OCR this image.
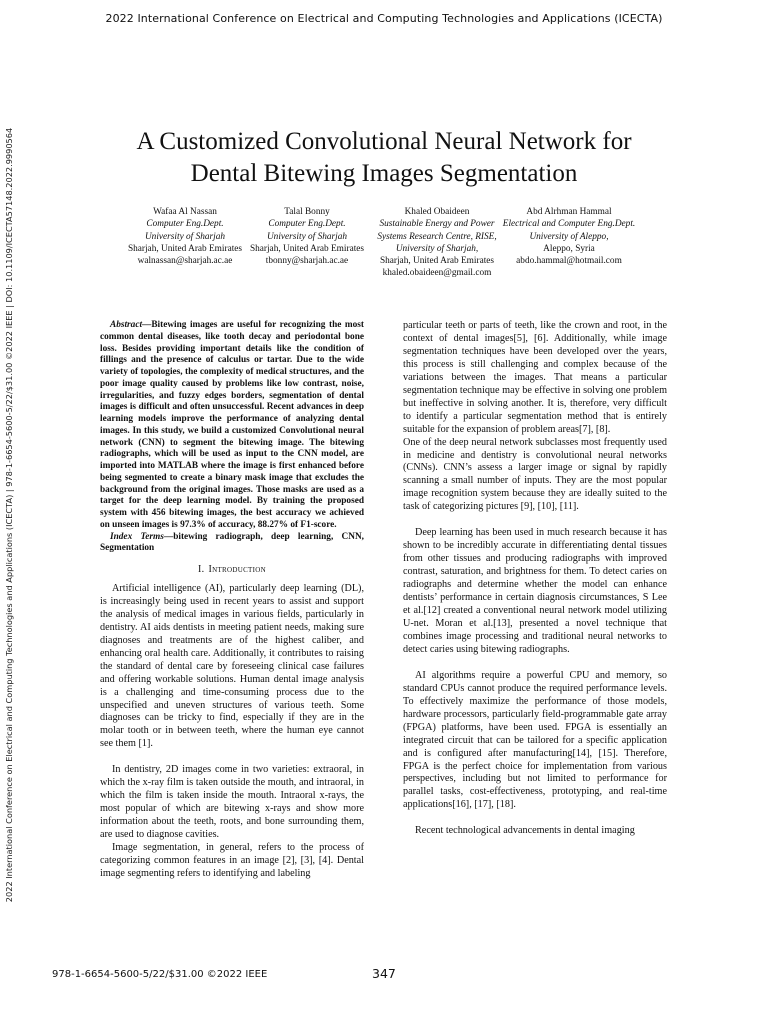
2022 International Conference on Electrical and Computing Technologies and Applications (ICECTA)
2022 International Conference on Electrical and Computing Technologies and Applications (ICECTA) | 978-1-6654-5600-5/22/$31.00 ©2022 IEEE | DOI: 10.1109/ICECTA57148.2022.9990564	A Customized Convolutional Neural Network for
Dental Bitewing Images Segmentation
Wafaa Al Nassan
Computer Eng.Dept.
University of Sharjah
Sharjah, United Arab Emirates
walnassan@sharjah.ac.ae
Talal Bonny
Computer Eng.Dept.
University of Sharjah
Sharjah, United Arab Emirates
tbonny@sharjah.ac.ae
Khaled Obaideen
Sustainable Energy and Power
Systems Research Centre, RISE,
University of Sharjah,
Sharjah, United Arab Emirates
khaled.obaideen@gmail.com
Abd Alrhman Hammal
Electrical and Computer Eng.Dept.
University of Aleppo,
Aleppo, Syria
abdo.hammal@hotmail.com

Abstract—Bitewing images are useful for recognizing the most common dental diseases, like tooth decay and periodontal bone loss. Besides providing important details like the condition of fillings and the presence of calculus or tartar. Due to the wide variety of topologies, the complexity of medical structures, and the poor image quality caused by problems like low contrast, noise, irregularities, and fuzzy edges borders, segmentation of dental images is difficult and often unsuccessful. Recent advances in deep learning models improve the performance of analyzing dental images. In this study, we build a customized Convolutional neural network (CNN) to segment the bitewing image. The bitewing radiographs, which will be used as input to the CNN model, are imported into MATLAB where the image is first enhanced before being segmented to create a binary mask image that excludes the background from the original images. Those masks are used as a target for the deep learning model. By training the proposed system with 456 bitewing images, the best accuracy we achieved on unseen images is 97.3% of accuracy, 88.27% of F1-score.

Index Terms—bitewing radiograph, deep learning, CNN, Segmentation

I. Introduction

Artificial intelligence (AI), particularly deep learning (DL), is increasingly being used in recent years to assist and support the analysis of medical images in various fields, particularly in dentistry. AI aids dentists in meeting patient needs, making sure diagnoses and treatments are of the highest caliber, and enhancing oral health care. Additionally, it contributes to raising the standard of dental care by foreseeing clinical case failures and offering workable solutions. Human dental image analysis is a challenging and time-consuming process due to the unspecified and uneven structures of various teeth. Some diagnoses can be tricky to find, especially if they are in the molar tooth or in between teeth, where the human eye cannot see them [1].

In dentistry, 2D images come in two varieties: extraoral, in which the x-ray film is taken outside the mouth, and intraoral, in which the film is taken inside the mouth. Intraoral x-rays, the most popular of which are bitewing x-rays and show more information about the teeth, roots, and bone surrounding them, are used to diagnose cavities.

Image segmentation, in general, refers to the process of categorizing common features in an image [2], [3], [4]. Dental image segmenting refers to identifying and labeling

particular teeth or parts of teeth, like the crown and root, in the context of dental images[5], [6]. Additionally, while image segmentation techniques have been developed over the years, this process is still challenging and complex because of the variations between the images. That means a particular segmentation technique may be effective in solving one problem but ineffective in solving another. It is, therefore, very difficult to identify a particular segmentation method that is entirely suitable for the expansion of problem areas[7], [8].

One of the deep neural network subclasses most frequently used in medicine and dentistry is convolutional neural networks (CNNs). CNN’s assess a larger image or signal by rapidly scanning a small number of inputs. They are the most popular image recognition system because they are ideally suited to the task of categorizing pictures [9], [10], [11].

Deep learning has been used in much research because it has shown to be incredibly accurate in differentiating dental tissues from other tissues and producing radiographs with improved contrast, saturation, and brightness for them. To detect caries on radiographs and determine whether the model can enhance dentists’ performance in certain diagnosis circumstances, S Lee et al.[12] created a conventional neural network model utilizing U-net. Moran et al.[13], presented a novel technique that combines image processing and traditional neural networks to detect caries using bitewing radiographs.

AI algorithms require a powerful CPU and memory, so standard CPUs cannot produce the required performance levels. To effectively maximize the performance of those models, hardware processors, particularly field-programmable gate array (FPGA) platforms, have been used. FPGA is essentially an integrated circuit that can be tailored for a specific application and is configured after manufacturing[14], [15]. Therefore, FPGA is the perfect choice for implementation from various perspectives, including but not limited to performance for parallel tasks, cost-effectiveness, prototyping, and real-time applications[16], [17], [18].

Recent technological advancements in dental imaging

978-1-6654-5600-5/22/$31.00 ©2022 IEEE	347
